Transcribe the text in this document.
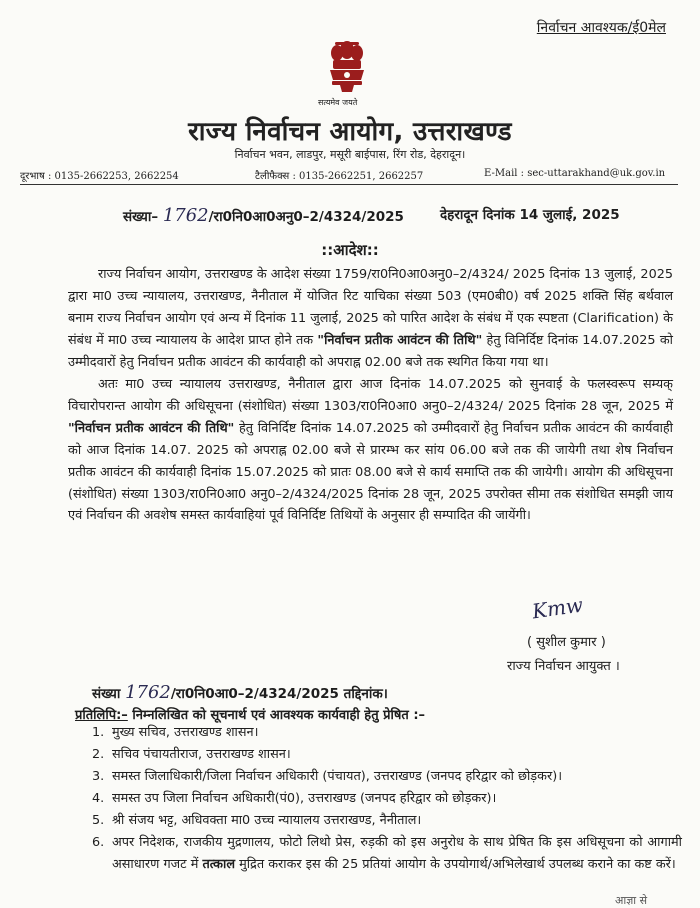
निर्वाचन आवश्यक/ई0मेल
सत्यमेव जयते
राज्य निर्वाचन आयोग, उत्तराखण्ड
निर्वाचन भवन, लाडपुर, मसूरी बाईपास, रिंग रोड, देहरादून।
दूरभाष : 0135-2662253, 2662254	टैलीफैक्स : 0135-2662251, 2662257	E-Mail : sec-uttarakhand@uk.gov.in
संख्या– 1762/रा0नि0आ0अनु0–2/4324/2025	देहरादून दिनांक 14 जुलाई, 2025
::आदेश::

राज्य निर्वाचन आयोग, उत्तराखण्ड के आदेश संख्या 1759/रा0नि0आ0अनु0–2/4324/ 2025 दिनांक 13 जुलाई, 2025 द्वारा मा0 उच्च न्यायालय, उत्तराखण्ड, नैनीताल में योजित रिट याचिका संख्या 503 (एम0बी0) वर्ष 2025 शक्ति सिंह बर्थवाल बनाम राज्य निर्वाचन आयोग एवं अन्य में दिनांक 11 जुलाई, 2025 को पारित आदेश के संबंध में एक स्पष्टता (Clarification) के संबंध में मा0 उच्च न्यायालय के आदेश प्राप्त होने तक "निर्वाचन प्रतीक आवंटन की तिथि" हेतु विनिर्दिष्ट दिनांक 14.07.2025 को उम्मीदवारों हेतु निर्वाचन प्रतीक आवंटन की कार्यवाही को अपराह्न 02.00 बजे तक स्थगित किया गया था।

अतः मा0 उच्च न्यायालय उत्तराखण्ड, नैनीताल द्वारा आज दिनांक 14.07.2025 को सुनवाई के फलस्वरूप सम्यक् विचारोपरान्त आयोग की अधिसूचना (संशोधित) संख्या 1303/रा0नि0आ0 अनु0–2/4324/ 2025 दिनांक 28 जून, 2025 में "निर्वाचन प्रतीक आवंटन की तिथि" हेतु विनिर्दिष्ट दिनांक 14.07.2025 को उम्मीदवारों हेतु निर्वाचन प्रतीक आवंटन की कार्यवाही को आज दिनांक 14.07. 2025 को अपराह्न 02.00 बजे से प्रारम्भ कर सांय 06.00 बजे तक की जायेगी तथा शेष निर्वाचन प्रतीक आवंटन की कार्यवाही दिनांक 15.07.2025 को प्रातः 08.00 बजे से कार्य समाप्ति तक की जायेगी। आयोग की अधिसूचना (संशोधित) संख्या 1303/रा0नि0आ0 अनु0–2/4324/2025 दिनांक 28 जून, 2025 उपरोक्त सीमा तक संशोधित समझी जाय एवं निर्वाचन की अवशेष समस्त कार्यवाहियां पूर्व विनिर्दिष्ट तिथियों के अनुसार ही सम्पादित की जायेंगी।

Kmw
( सुशील कुमार )
राज्य निर्वाचन आयुक्त ।
संख्या 1762/रा0नि0आ0–2/4324/2025 तद्दिनांक।
प्रतिलिपि:– निम्नलिखित को सूचनार्थ एवं आवश्यक कार्यवाही हेतु प्रेषित :–
1. मुख्य सचिव, उत्तराखण्ड शासन।
2. सचिव पंचायतीराज, उत्तराखण्ड शासन।
3. समस्त जिलाधिकारी/जिला निर्वाचन अधिकारी (पंचायत), उत्तराखण्ड (जनपद हरिद्वार को छोड़कर)।
4. समस्त उप जिला निर्वाचन अधिकारी(पं0), उत्तराखण्ड (जनपद हरिद्वार को छोड़कर)।
5. श्री संजय भट्ट, अधिवक्ता मा0 उच्च न्यायालय उत्तराखण्ड, नैनीताल।
6. अपर निदेशक, राजकीय मुद्रणालय, फोटो लिथो प्रेस, रुड़की को इस अनुरोध के साथ प्रेषित कि इस अधिसूचना को आगामी असाधारण गजट में तत्काल मुद्रित कराकर इस की 25 प्रतियां आयोग के उपयोगार्थ/अभिलेखार्थ उपलब्ध कराने का कष्ट करें।
आज्ञा से
